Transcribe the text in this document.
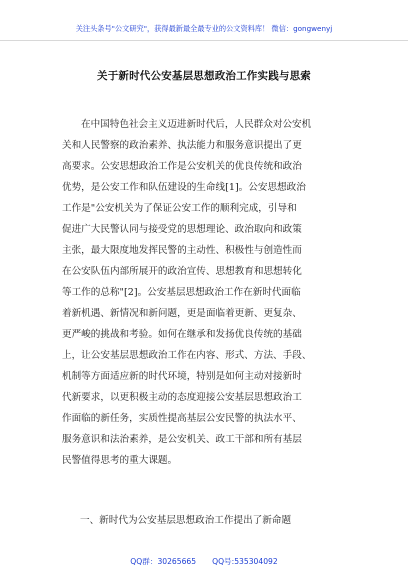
关注头条号"公文研究"，获得最新最全最专业的公文资料库！ 微信：gongwenyj
关于新时代公安基层思想政治工作实践与思索
在中国特色社会主义迈进新时代后，人民群众对公安机
关和人民警察的政治素养、执法能力和服务意识提出了更
高要求。公安思想政治工作是公安机关的优良传统和政治
优势，是公安工作和队伍建设的生命线[1]。公安思想政治
工作是"公安机关为了保证公安工作的顺利完成，引导和
促进广大民警认同与接受党的思想理论、政治取向和政策
主张，最大限度地发挥民警的主动性、积极性与创造性而
在公安队伍内部所展开的政治宣传、思想教育和思想转化
等工作的总称"[2]。公安基层思想政治工作在新时代面临
着新机遇、新情况和新问题，更是面临着更新、更复杂、
更严峻的挑战和考验。如何在继承和发扬优良传统的基础
上，让公安基层思想政治工作在内容、形式、方法、手段、
机制等方面适应新的时代环境，特别是如何主动对接新时
代新要求，以更积极主动的态度迎接公安基层思想政治工
作面临的新任务，实质性提高基层公安民警的执法水平、
服务意识和法治素养，是公安机关、政工干部和所有基层
民警值得思考的重大课题。
一、新时代为公安基层思想政治工作提出了新命题
QQ群：30265665 QQ号:535304092
